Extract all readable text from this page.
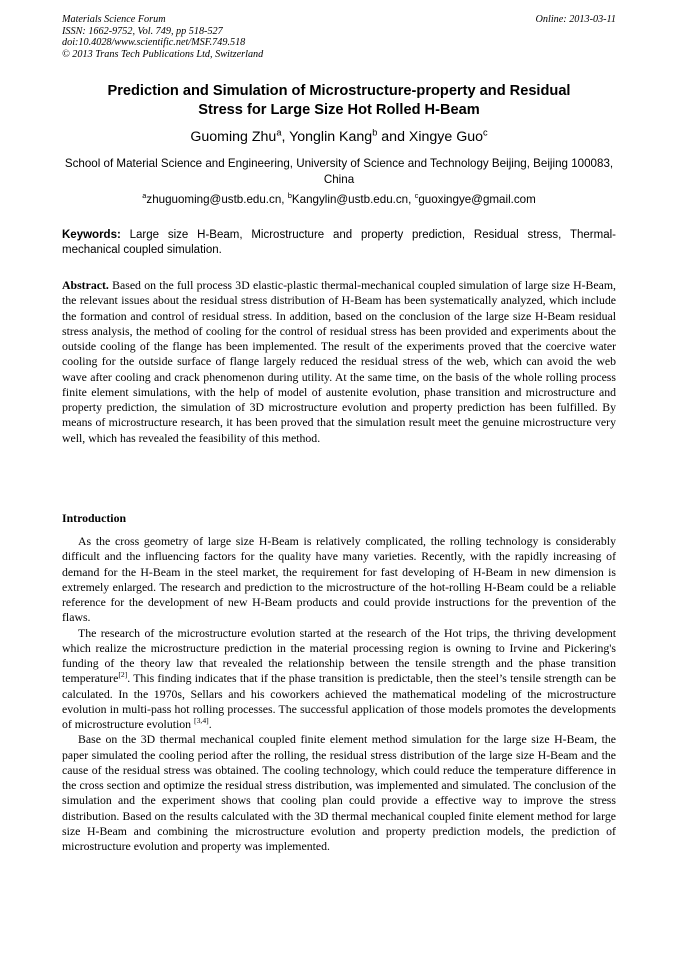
Materials Science Forum
ISSN: 1662-9752, Vol. 749, pp 518-527
doi:10.4028/www.scientific.net/MSF.749.518
© 2013 Trans Tech Publications Ltd, Switzerland
Online: 2013-03-11
Prediction and Simulation of Microstructure-property and Residual
Stress for Large Size Hot Rolled H-Beam
Guoming Zhu$^a$, Yonglin Kang$^b$ and Xingye Guo$^c$
School of Material Science and Engineering, University of Science and Technology Beijing, Beijing 100083, China
$^a$zhuguoming@ustb.edu.cn, $^b$Kangylin@ustb.edu.cn, $^c$guoxingye@gmail.com
Keywords: Large size H-Beam, Microstructure and property prediction, Residual stress, Thermal-mechanical coupled simulation.

Abstract. Based on the full process 3D elastic-plastic thermal-mechanical coupled simulation of large size H-Beam, the relevant issues about the residual stress distribution of H-Beam has been systematically analyzed, which include the formation and control of residual stress. In addition, based on the conclusion of the large size H-Beam residual stress analysis, the method of cooling for the control of residual stress has been provided and experiments about the outside cooling of the flange has been implemented. The result of the experiments proved that the coercive water cooling for the outside surface of flange largely reduced the residual stress of the web, which can avoid the web wave after cooling and crack phenomenon during utility. At the same time, on the basis of the whole rolling process finite element simulations, with the help of model of austenite evolution, phase transition and microstructure and property prediction, the simulation of 3D microstructure evolution and property prediction has been fulfilled. By means of microstructure research, it has been proved that the simulation result meet the genuine microstructure very well, which has revealed the feasibility of this method.

Introduction

As the cross geometry of large size H-Beam is relatively complicated, the rolling technology is considerably difficult and the influencing factors for the quality have many varieties. Recently, with the rapidly increasing of demand for the H-Beam in the steel market, the requirement for fast developing of H-Beam in new dimension is extremely enlarged. The research and prediction to the microstructure of the hot-rolling H-Beam could be a reliable reference for the development of new H-Beam products and could provide instructions for the prevention of the flaws.

The research of the microstructure evolution started at the research of the Hot trips, the thriving development which realize the microstructure prediction in the material processing region is owning to Irvine and Pickering's funding of the theory law that revealed the relationship between the tensile strength and the phase transition temperature[2]. This finding indicates that if the phase transition is predictable, then the steel’s tensile strength can be calculated. In the 1970s, Sellars and his coworkers achieved the mathematical modeling of the microstructure evolution in multi-pass hot rolling processes. The successful application of those models promotes the developments of microstructure evolution [3,4].

Base on the 3D thermal mechanical coupled finite element method simulation for the large size H-Beam, the paper simulated the cooling period after the rolling, the residual stress distribution of the large size H-Beam and the cause of the residual stress was obtained. The cooling technology, which could reduce the temperature difference in the cross section and optimize the residual stress distribution, was implemented and simulated. The conclusion of the simulation and the experiment shows that cooling plan could provide a effective way to improve the stress distribution. Based on the results calculated with the 3D thermal mechanical coupled finite element method for large size H-Beam and combining the microstructure evolution and property prediction models, the prediction of microstructure evolution and property was implemented.
